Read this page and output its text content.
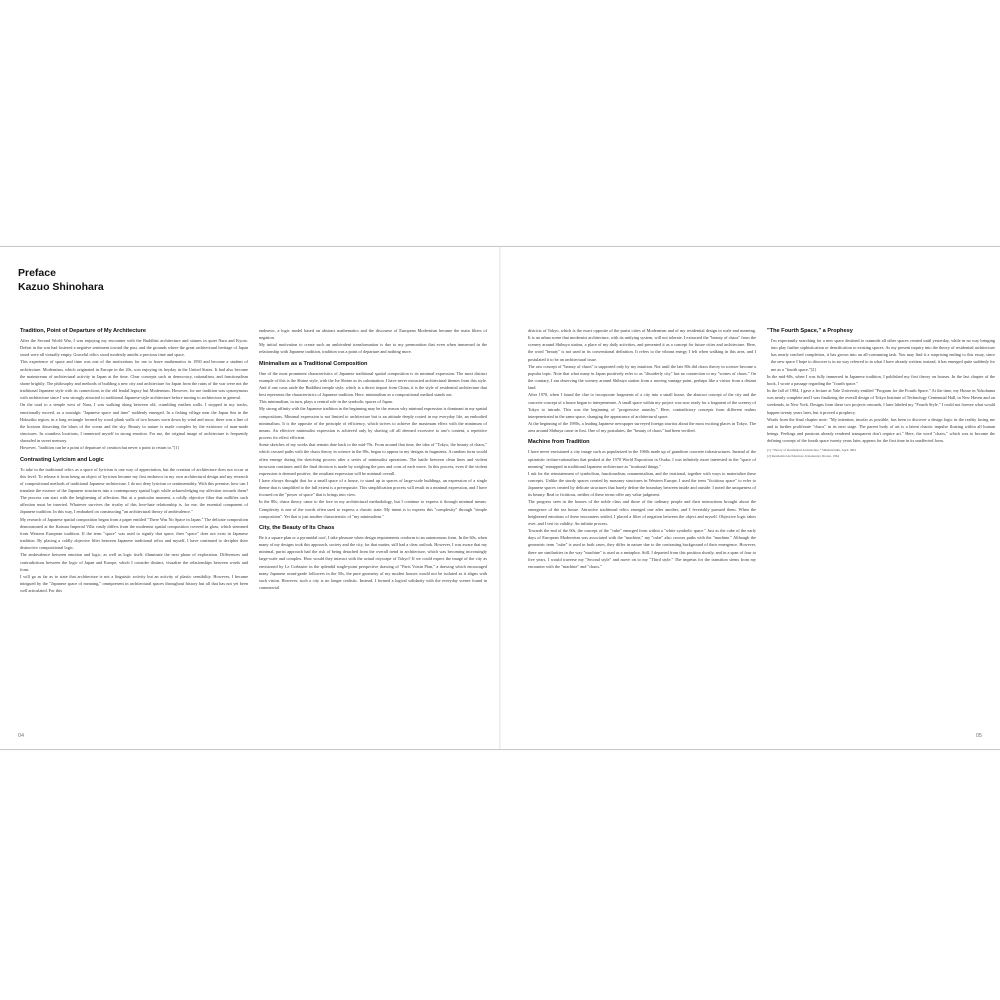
Preface
Kazuo Shinohara
Tradition, Point of Departure of My Architecture

After the Second World War, I was enjoying my encounter with the Buddhist architecture and statues in quiet Nara and Kyoto. Defeat in the war had fostered a negative sentiment toward the past, and the grounds where the great architectural heritage of Japan stood were all virtually empty. Graceful relics stood modestly amidst a precious time and space.

This experience of space and time was one of the motivations for me to leave mathematics in 1950 and become a student of architecture. Modernism, which originated in Europe in the 20s, was enjoying its heyday in the United States. It had also become the mainstream of architectural activity in Japan at the time. Clear concepts such as democracy, rationalism, and functionalism shone brightly. The philosophy and methods of building a new city and architecture for Japan from the ruins of the war were not the traditional Japanese style with its connections to the old feudal legacy but Modernism. However, for me tradition was synonymous with architecture since I was strongly attracted to traditional Japanese-style architecture before turning to architecture in general.

On the road to a temple west of Nara, I was walking along between old, crumbling earthen walls. I stopped in my tracks, emotionally moved, as a nostalgic "Japanese space and time" suddenly emerged. In a fishing village near the Japan Sea in the Hokuriku region, in a long rectangle formed by wood plank walls of two houses worn down by wind and snow, there was a line of the horizon dissecting the blues of the ocean and the sky. Beauty in nature is made complex by the existence of man-made structures. In countless locations, I immersed myself in strong emotion. For me, the original image of architecture is frequently shrouded in sweet memory.

However, "tradition can be a point of departure of creation but never a point to return to."[1]

Contrasting Lyricism and Logic

To take in the traditional relics as a space of lyricism is one way of appreciation, but the creation of architecture does not occur at this level. To release it from being an object of lyricism became my first endeavor in my own architectural design and my research of compositional methods of traditional Japanese architecture. I do not deny lyricism or sentimentality. With this premise, how can I translate the essence of the Japanese structures into a contemporary spatial logic while acknowledging my affection towards them? The process can start with the heightening of affection. But at a particular moment, a coldly objective filter that nullifies such affection must be inserted. Whatever survives the rivalry of this love-hate relationship is, for me, the essential component of Japanese tradition. In this way, I embarked on constructing "an architectural theory of ambivalence."

My research of Japanese spatial composition began from a paper entitled "There Was No Space in Japan." The delicate composition demonstrated at the Katsura Imperial Villa vastly differs from the modernist spatial composition covered in glass, which stemmed from Western European tradition. If the term "space" was used to signify that space, then "space" does not exist in Japanese tradition. By placing a coldly objective filter between Japanese traditional relics and myself, I have continued to decipher their distinctive compositional logic.

The ambivalence between emotion and logic, as well as logic itself, illuminate the next phase of exploration. Differences and contradictions between the logic of Japan and Europe, which I consider distinct, visualize the relationships between words and form.

I will go as far as to state that architecture is not a linguistic activity but an activity of plastic sensibility. However, I became intrigued by the "Japanese space of meaning," omnipresent in architectural spaces throughout history but all that has not yet been well articulated. For this

endeavor, a logic model based on abstract mathematics and the discourse of European Modernism became the main filters of negation.

My initial motivation to create such an ambivalent transformation is due to my premonition that even when immersed in the relationship with Japanese tradition, tradition was a point of departure and nothing more.

Minimalism as a Traditional Composition

One of the most prominent characteristics of Japanese traditional spatial composition is its minimal expression. The most distinct example of this is the Shrine style, with the Ise Shrine as its culmination. I have never extracted architectural themes from this style. And if one casts aside the Buddhist temple style, which is a direct import from China, it is the style of residential architecture that best represents the characteristics of Japanese tradition. Here, minimalism as a compositional method stands out.

This minimalism, in turn, plays a central role in the symbolic spaces of Japan.

My strong affinity with the Japanese tradition in the beginning may be the reason why minimal expression is dominant in my spatial compositions. Minimal expression is not limited to architecture but is an attitude deeply rooted in my everyday life, an embodied minimalism. It is the opposite of the principle of efficiency, which strives to achieve the maximum effect with the minimum of means. An effective minimalist expression is achieved only by shaving off all deemed excessive to one's content, a repetitive process for effect efficient.

Some sketches of my works that remain date back to the mid-70s. From around that time, the idea of "Tokyo, the beauty of chaos," which crossed paths with the chaos theory in science in the 80s, began to appear in my designs in fragments. A random form would often emerge during the sketching process after a series of minimalist operations. The battle between clean lines and violent incursion continues until the final decision is made by weighing the pros and cons of each move. In this process, even if the violent expression is deemed positive, the resultant expression will be minimal overall.

I have always thought that for a small space of a house, to stand up to spaces of large-scale buildings, an expression of a single theme that is simplified to the full extent is a prerequisite. This simplification process will result in a minimal expression, and I have focused on the "power of space" that is brings into view.

In the 80s, chaos theory came to the fore in my architectural methodology, but I continue to express it through minimal means. Complexity is one of the words often used to express a chaotic state. My intent is to express this "complexity" through "simple composition". Yet that is just another characteristic of "my minimalism."

City, the Beauty of Its Chaos

Be it a square plan or a pyramidal roof, I take pleasure when design requirements conform to an autonomous form. In the 60s, when many of my designs took this approach, society and the city, for that matter, still had a clear outlook. However, I was aware that my minimal, purist approach had the risk of being detached from the overall trend in architecture, which was becoming increasingly large-scale and complex. How would they interact with the actual cityscape of Tokyo? If we could expect the image of the city as envisioned by Le Corbusier in the splendid single-point perspective drawing of "Paris Voisin Plan," a drawing which encouraged many Japanese avant-garde followers in the 50s, the pure geometry of my modest houses would not be isolated as it aligns with such vision. However, such a city is no longer realistic. Instead, I formed a logical solidarity with the everyday scenes found in commercial

districts of Tokyo, which is the exact opposite of the purist cities of Modernism and of my residential design in scale and meaning. It is an urban scene that modernist architecture, with its unifying system, will not tolerate. I extracted the "beauty of chaos" from the scenery around Shibuya station, a place of my daily activities, and presented it as a concept for future cities and architecture. Here, the word "beauty" is not used in its conventional definition. It refers to the vibrant energy I felt when walking in this area, and I postulated it to be an architectural issue.

The raw concept of "beauty of chaos" is supported only by my intuition. Not until the late 80s did chaos theory in science become a popular topic. Note that what many in Japan positively refer to as "disorderly city" has no connection to my "scenes of chaos." On the contrary, I am observing the scenery around Shibuya station from a moving vantage point, perhaps like a visitor from a distant land.

After 1970, when I found the clue to incorporate fragments of a city into a small house, the abstract concept of the city and the concrete concept of a house began to interpenetrate. A small space within my project was now ready for a fragment of the scenery of Tokyo to intrude. This was the beginning of "progressive anarchy." Here, contradictory concepts from different realms interpenetrated in the same space, changing the appearance of architectural space.

At the beginning of the 1980s, a leading Japanese newspaper surveyed foreign tourists about the most exciting places in Tokyo. The area around Shibuya came in first. One of my postulates, the "beauty of chaos" had been verified.

Machine from Tradition

I have never envisioned a city image such as popularized in the 1960s made up of grandiose concrete infrastructures. Instead of the optimistic techno-rationalism that peaked at the 1970 World Exposition in Osaka, I was infinitely more interested in the "space of meaning" entrapped in traditional Japanese architecture as "irrational things."

I ask for the reinstatement of symbolism, functionalism, ornamentalism, and the irrational, together with ways to materialize these concepts. Unlike the sturdy spaces created by masonry structures in Western Europe, I used the term "fictitious space" to refer to Japanese spaces created by delicate structures that barely define the boundary between inside and outside. I noted the uniqueness of its beauty. Real or fictitious, neither of these terms offer any value judgment.

The progress seen in the houses of the noble class and those of the ordinary people and their interactions brought about the emergence of the tea house. Attractive traditional relics emerged one after another, and I feverishly pursued them. When the heightened emotions of these encounters settled, I placed a filter of negation between the object and myself. Objective logic takes over, and I test its validity. An infinite process.

Towards the end of the 60s, the concept of the "cube" emerged from within a "white symbolic space." Just as the cube of the early days of European Modernism was associated with the "machine," my "cube" also crosses paths with the "machine." Although the geometric term "cube" is used in both cases, they differ in nature due to the contrasting background of their emergence. However, there are similarities in the way "machine" is used as a metaphor. Still, I departed from this position shortly, and in a span of four to five years, I would traverse my "Second style" and move on to my "Third style." The impetus for the transition stems from my encounter with the "machine" and "chaos."

"The Fourth Space," a Prophesy

I'm expectantly searching for a new space destined to outmode all other spaces created until yesterday, while in no way bringing into play further sophistication or densification to existing spaces. As my present inquiry into the theory of residential architecture has nearly reached completion, it has grown into an all-consuming task. You may find it a surprising ending to this essay, since the new space I hope to discover is in no way referred to in what I have already written; instead, it has emerged quite suddenly for me as a "fourth space."[2]

In the mid-60s, when I was fully immersed in Japanese tradition, I published my first theory on houses. In the last chapter of the book, I wrote a passage regarding the "fourth space."

In the fall of 1984, I gave a lecture at Yale University entitled "Program for the Fourth Space." At the time, my House in Yokohama was nearly complete and I was finalizing the overall design of Tokyo Institute of Technology Centennial Hall, in New Haven and on weekends, in New York. Designs from these two projects onwards, I later labeled my "Fourth Style." I could not foresee what would happen twenty years later, but it proved a prophecy.

Words from the final chapter note: "My intention, insofar as possible, has been to discover a design logic in the reality facing me and to further proliferate "chaos" in its next stage. The parent body of art is a latent chaotic impulse floating within all human beings. Feelings and passions already rendered transparent don't require art." Here, the word "chaos," which was to become the defining concept of the fourth space twenty years later, appears for the first time in its unaffected form.

[1] "Theory of Residential Architecture," Shinkenchiku, April 1964
[2] Residential Architecture, Kinokuniya Shoten, 1964
04	05
